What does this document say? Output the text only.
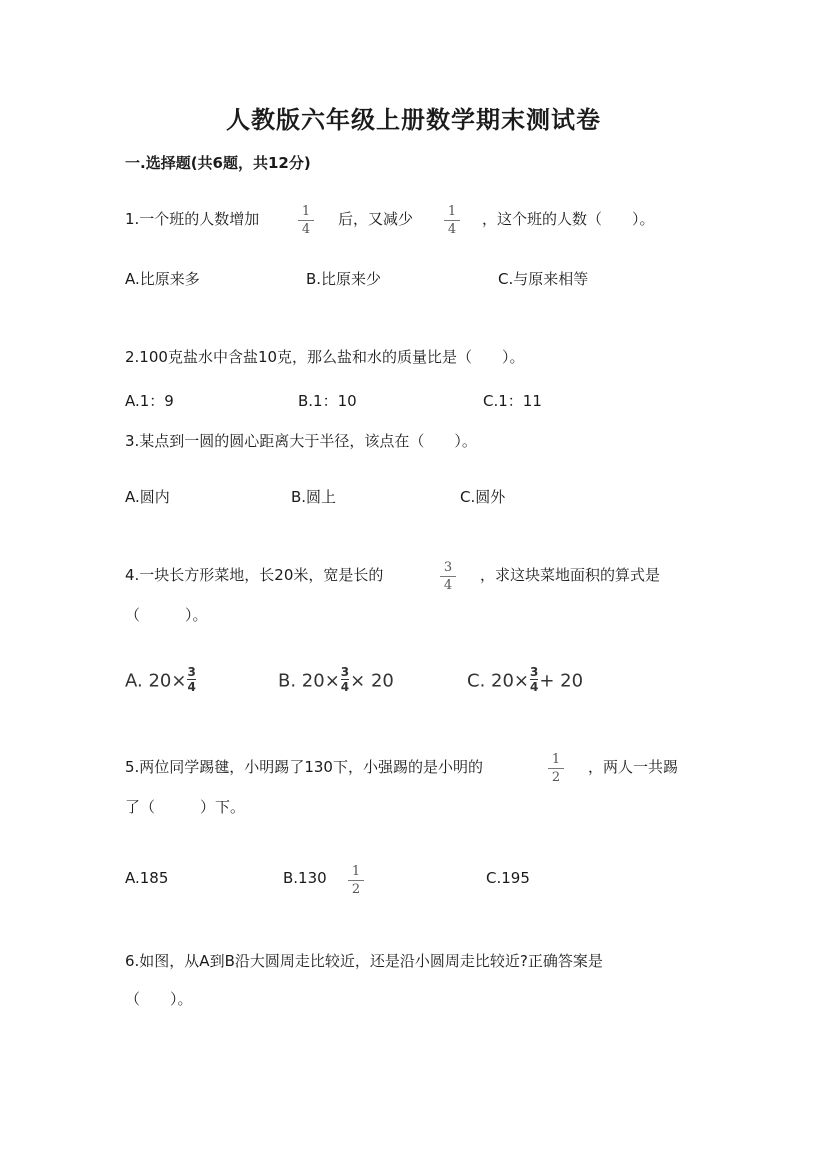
人教版六年级上册数学期末测试卷
一.选择题(共6题，共12分)
1.一个班的人数增加	1
4
后，又减少	1
4
，这个班的人数（　　）。
A.比原来多	B.比原来少	C.与原来相等
2.100克盐水中含盐10克，那么盐和水的质量比是（　　）。
A.1：9	B.1：10	C.1：11
3.某点到一圆的圆心距离大于半径，该点在（　　）。
A.圆内	B.圆上	C.圆外
4.一块长方形菜地，长20米，宽是长的	3
4
，求这块菜地面积的算式是
（　　　）。
A. $20\times \frac{3}{4}$	B. $20\times \frac{3}{4} \times 20$	C. $20\times \frac{3}{4} + 20$
5.两位同学踢毽，小明踢了130下，小强踢的是小明的	1
2
，两人一共踢
了（　　　）下。
A.185	B.130	1
2
C.195
6.如图，从A到B沿大圆周走比较近，还是沿小圆周走比较近?正确答案是
（　　）。
